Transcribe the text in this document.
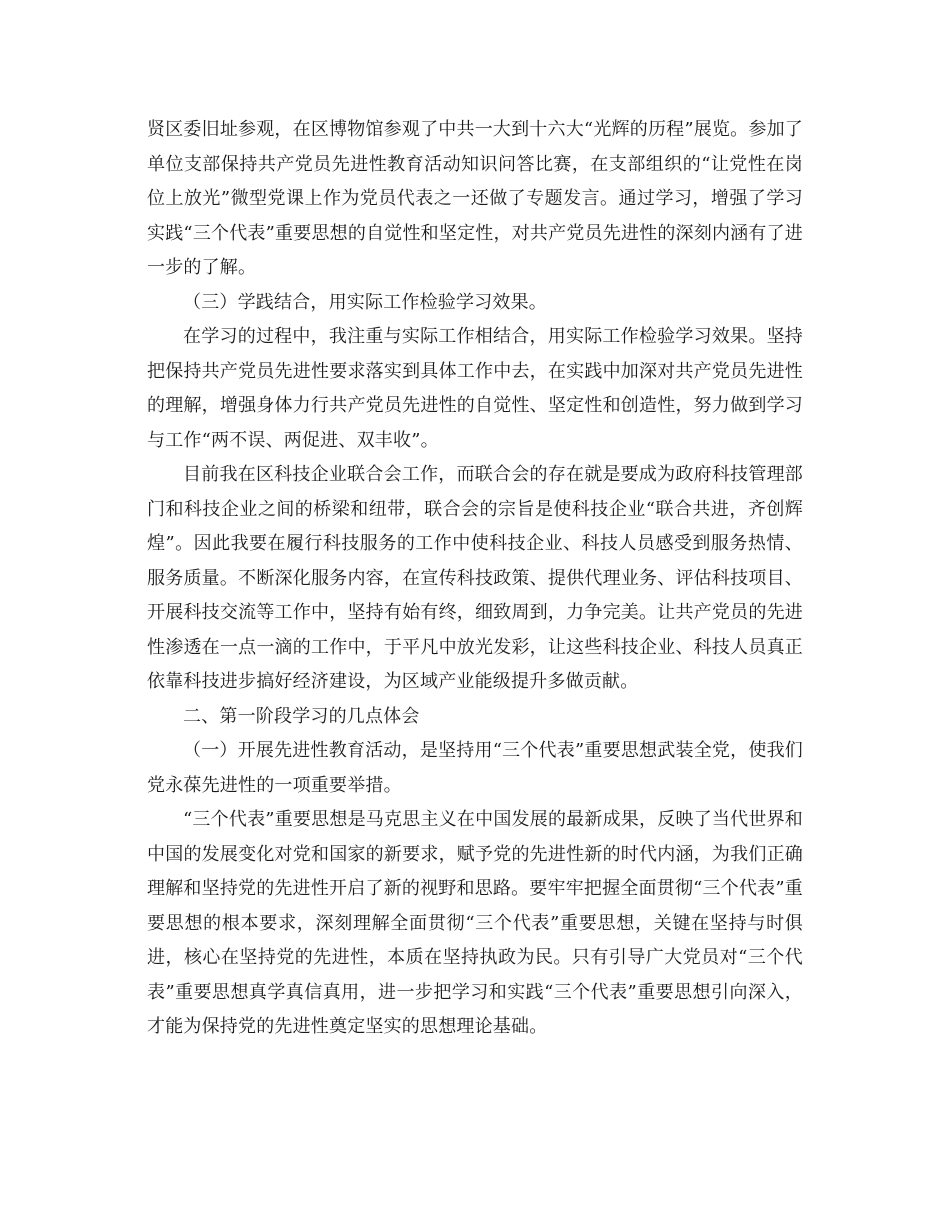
贤区委旧址参观，在区博物馆参观了中共一大到十六大“光辉的历程”展览。参加了单位支部保持共产党员先进性教育活动知识问答比赛，在支部组织的“让党性在岗位上放光”微型党课上作为党员代表之一还做了专题发言。通过学习，增强了学习实践“三个代表”重要思想的自觉性和坚定性，对共产党员先进性的深刻内涵有了进一步的了解。

（三）学践结合，用实际工作检验学习效果。

在学习的过程中，我注重与实际工作相结合，用实际工作检验学习效果。坚持把保持共产党员先进性要求落实到具体工作中去，在实践中加深对共产党员先进性的理解，增强身体力行共产党员先进性的自觉性、坚定性和创造性，努力做到学习与工作“两不误、两促进、双丰收”。

目前我在区科技企业联合会工作，而联合会的存在就是要成为政府科技管理部门和科技企业之间的桥梁和纽带，联合会的宗旨是使科技企业“联合共进，齐创辉煌”。因此我要在履行科技服务的工作中使科技企业、科技人员感受到服务热情、服务质量。不断深化服务内容，在宣传科技政策、提供代理业务、评估科技项目、开展科技交流等工作中，坚持有始有终，细致周到，力争完美。让共产党员的先进性渗透在一点一滴的工作中，于平凡中放光发彩，让这些科技企业、科技人员真正依靠科技进步搞好经济建设，为区域产业能级提升多做贡献。

二、第一阶段学习的几点体会

（一）开展先进性教育活动，是坚持用“三个代表”重要思想武装全党，使我们党永葆先进性的一项重要举措。

“三个代表”重要思想是马克思主义在中国发展的最新成果，反映了当代世界和中国的发展变化对党和国家的新要求，赋予党的先进性新的时代内涵，为我们正确理解和坚持党的先进性开启了新的视野和思路。要牢牢把握全面贯彻“三个代表”重要思想的根本要求，深刻理解全面贯彻“三个代表”重要思想，关键在坚持与时俱进，核心在坚持党的先进性，本质在坚持执政为民。只有引导广大党员对“三个代表”重要思想真学真信真用，进一步把学习和实践“三个代表”重要思想引向深入，才能为保持党的先进性奠定坚实的思想理论基础。
